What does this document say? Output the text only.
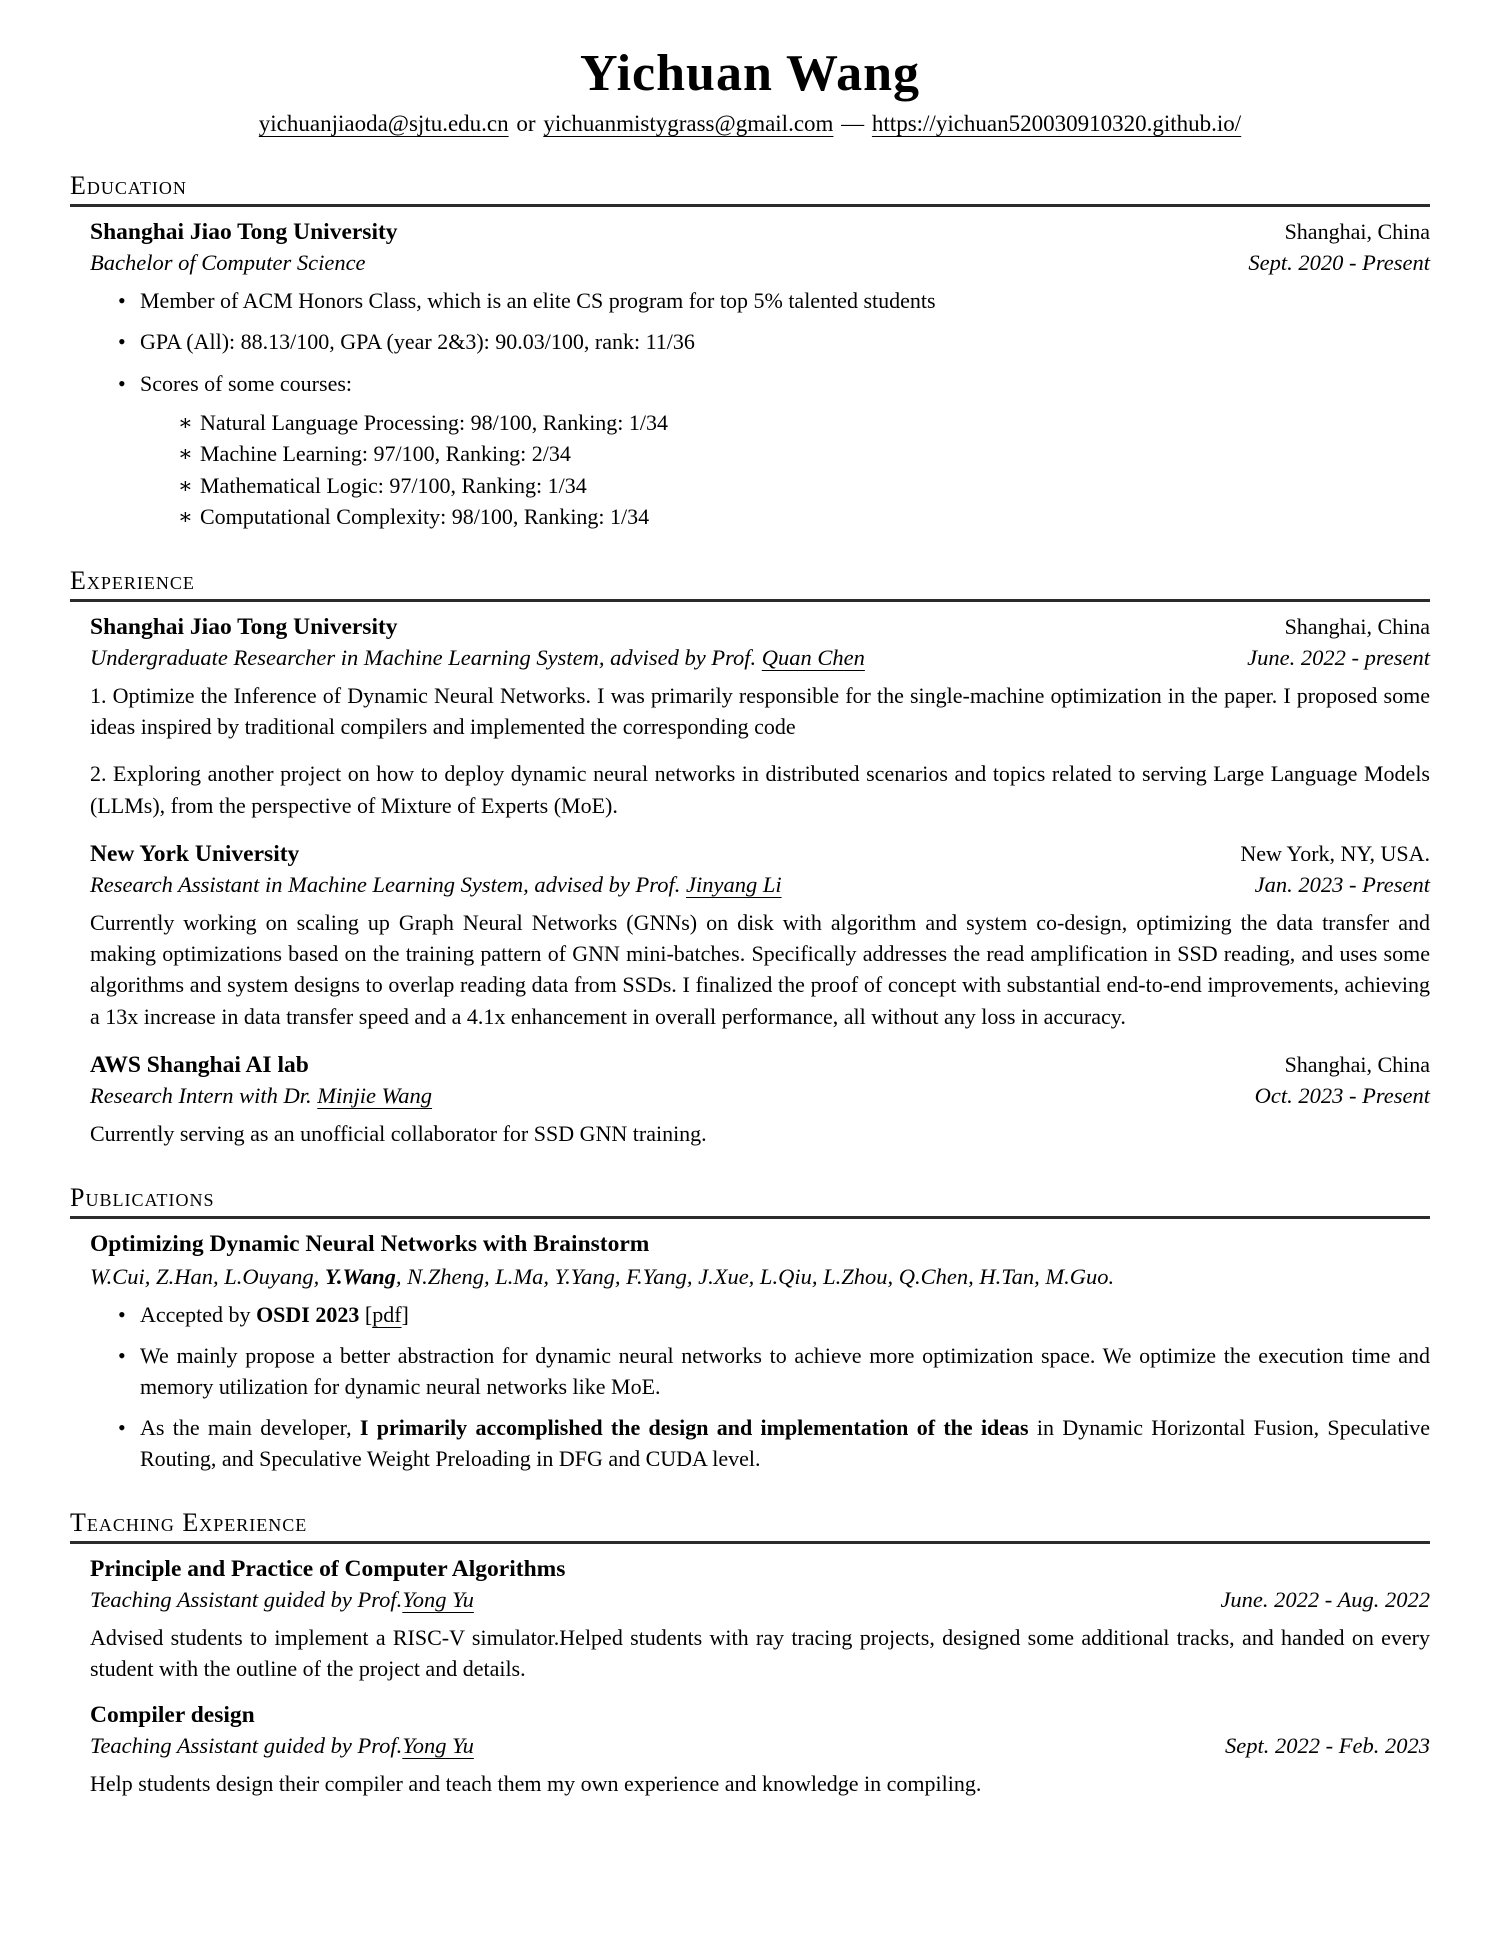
Yichuan Wang
yichuanjiaoda@sjtu.edu.cn or yichuanmistygrass@gmail.com — https://yichuan520030910320.github.io/
Education
Shanghai Jiao Tong University	Shanghai, China
Bachelor of Computer Science	Sept. 2020 - Present
• Member of ACM Honors Class, which is an elite CS program for top 5% talented students
• GPA (All): 88.13/100, GPA (year 2&3): 90.03/100, rank: 11/36
• Scores of some courses:
∗ Natural Language Processing: 98/100, Ranking: 1/34
∗ Machine Learning: 97/100, Ranking: 2/34
∗ Mathematical Logic: 97/100, Ranking: 1/34
∗ Computational Complexity: 98/100, Ranking: 1/34
Experience
Shanghai Jiao Tong University	Shanghai, China
Undergraduate Researcher in Machine Learning System, advised by Prof. Quan Chen	June. 2022 - present

1. Optimize the Inference of Dynamic Neural Networks. I was primarily responsible for the single-machine optimization in the paper. I proposed some ideas inspired by traditional compilers and implemented the corresponding code

2. Exploring another project on how to deploy dynamic neural networks in distributed scenarios and topics related to serving Large Language Models (LLMs), from the perspective of Mixture of Experts (MoE).

New York University	New York, NY, USA.
Research Assistant in Machine Learning System, advised by Prof. Jinyang Li	Jan. 2023 - Present

Currently working on scaling up Graph Neural Networks (GNNs) on disk with algorithm and system co-design, optimizing the data transfer and making optimizations based on the training pattern of GNN mini-batches. Specifically addresses the read amplification in SSD reading, and uses some algorithms and system designs to overlap reading data from SSDs. I finalized the proof of concept with substantial end-to-end improvements, achieving a 13x increase in data transfer speed and a 4.1x enhancement in overall performance, all without any loss in accuracy.

AWS Shanghai AI lab	Shanghai, China
Research Intern with Dr. Minjie Wang	Oct. 2023 - Present

Currently serving as an unofficial collaborator for SSD GNN training.

Publications
Optimizing Dynamic Neural Networks with Brainstorm
W.Cui, Z.Han, L.Ouyang, Y.Wang, N.Zheng, L.Ma, Y.Yang, F.Yang, J.Xue, L.Qiu, L.Zhou, Q.Chen, H.Tan, M.Guo.
• Accepted by OSDI 2023 [pdf]
• We mainly propose a better abstraction for dynamic neural networks to achieve more optimization space. We optimize the execution time and memory utilization for dynamic neural networks like MoE.
• As the main developer, I primarily accomplished the design and implementation of the ideas in Dynamic Horizontal Fusion, Speculative Routing, and Speculative Weight Preloading in DFG and CUDA level.
Teaching Experience
Principle and Practice of Computer Algorithms
Teaching Assistant guided by Prof.Yong Yu	June. 2022 - Aug. 2022

Advised students to implement a RISC-V simulator.Helped students with ray tracing projects, designed some additional tracks, and handed on every student with the outline of the project and details.

Compiler design
Teaching Assistant guided by Prof.Yong Yu	Sept. 2022 - Feb. 2023

Help students design their compiler and teach them my own experience and knowledge in compiling.
